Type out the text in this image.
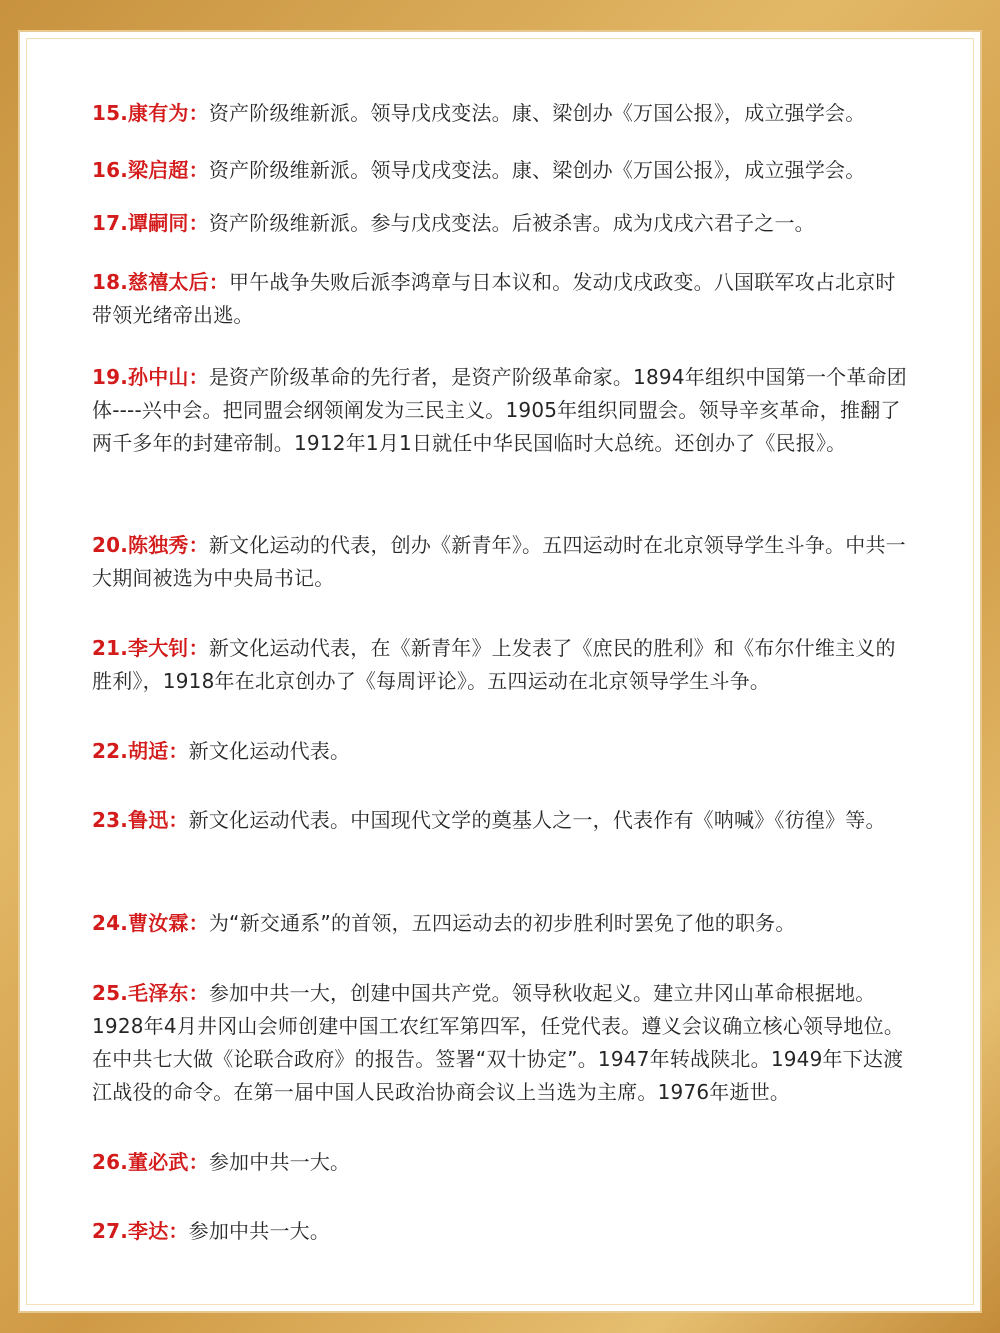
15.康有为：资产阶级维新派。领导戊戌变法。康、梁创办《万国公报》，成立强学会。
16.梁启超：资产阶级维新派。领导戊戌变法。康、梁创办《万国公报》，成立强学会。
17.谭嗣同：资产阶级维新派。参与戊戌变法。后被杀害。成为戊戌六君子之一。
18.慈禧太后：甲午战争失败后派李鸿章与日本议和。发动戊戌政变。八国联军攻占北京时带领光绪帝出逃。
19.孙中山：是资产阶级革命的先行者，是资产阶级革命家。1894年组织中国第一个革命团体----兴中会。把同盟会纲领阐发为三民主义。1905年组织同盟会。领导辛亥革命，推翻了两千多年的封建帝制。1912年1月1日就任中华民国临时大总统。还创办了《民报》。
20.陈独秀：新文化运动的代表，创办《新青年》。五四运动时在北京领导学生斗争。中共一大期间被选为中央局书记。
21.李大钊：新文化运动代表，在《新青年》上发表了《庶民的胜利》和《布尔什维主义的胜利》，1918年在北京创办了《每周评论》。五四运动在北京领导学生斗争。
22.胡适：新文化运动代表。
23.鲁迅：新文化运动代表。中国现代文学的奠基人之一，代表作有《呐喊》《彷徨》等。
24.曹汝霖：为“新交通系”的首领，五四运动去的初步胜利时罢免了他的职务。
25.毛泽东：参加中共一大，创建中国共产党。领导秋收起义。建立井冈山革命根据地。1928年4月井冈山会师创建中国工农红军第四军，任党代表。遵义会议确立核心领导地位。在中共七大做《论联合政府》的报告。签署“双十协定”。1947年转战陕北。1949年下达渡江战役的命令。在第一届中国人民政治协商会议上当选为主席。1976年逝世。
26.董必武：参加中共一大。
27.李达：参加中共一大。
